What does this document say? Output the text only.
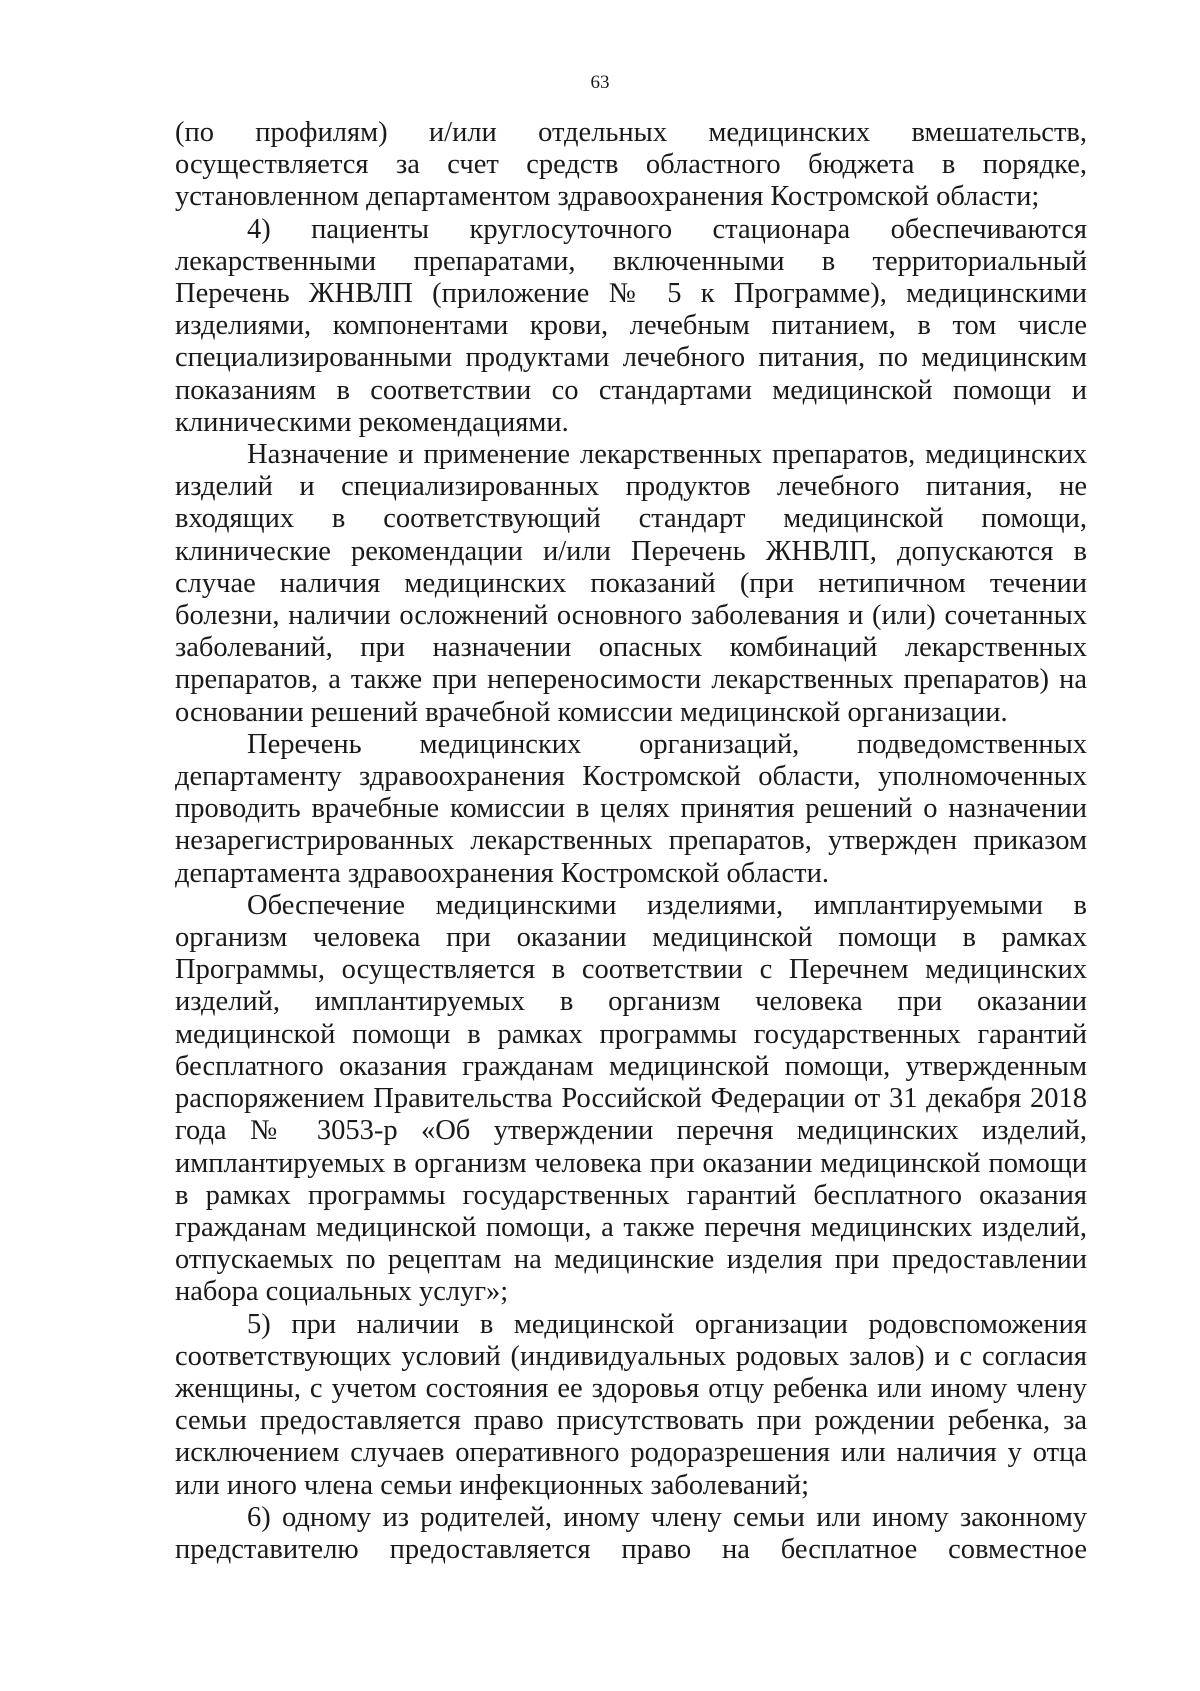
63

(по профилям) и/или отдельных медицинских вмешательств, осуществляется за счет средств областного бюджета в порядке, установленном департаментом здравоохранения Костромской области;

4) пациенты круглосуточного стационара обеспечиваются лекарственными препаратами, включенными в территориальный Перечень ЖНВЛП (приложение № 5 к Программе), медицинскими изделиями, компонентами крови, лечебным питанием, в том числе специализированными продуктами лечебного питания, по медицинским показаниям в соответствии со стандартами медицинской помощи и клиническими рекомендациями.

Назначение и применение лекарственных препаратов, медицинских изделий и специализированных продуктов лечебного питания, не входящих в соответствующий стандарт медицинской помощи, клинические рекомендации и/или Перечень ЖНВЛП, допускаются в случае наличия медицинских показаний (при нетипичном течении болезни, наличии осложнений основного заболевания и (или) сочетанных заболеваний, при назначении опасных комбинаций лекарственных препаратов, а также при непереносимости лекарственных препаратов) на основании решений врачебной комиссии медицинской организации.

Перечень медицинских организаций, подведомственных департаменту здравоохранения Костромской области, уполномоченных проводить врачебные комиссии в целях принятия решений о назначении незарегистрированных лекарственных препаратов, утвержден приказом департамента здравоохранения Костромской области.

Обеспечение медицинскими изделиями, имплантируемыми в организм человека при оказании медицинской помощи в рамках Программы, осуществляется в соответствии с Перечнем медицинских изделий, имплантируемых в организм человека при оказании медицинской помощи в рамках программы государственных гарантий бесплатного оказания гражданам медицинской помощи, утвержденным распоряжением Правительства Российской Федерации от 31 декабря 2018 года № 3053-р «Об утверждении перечня медицинских изделий, имплантируемых в организм человека при оказании медицинской помощи в рамках программы государственных гарантий бесплатного оказания гражданам медицинской помощи, а также перечня медицинских изделий, отпускаемых по рецептам на медицинские изделия при предоставлении набора социальных услуг»;

5) при наличии в медицинской организации родовспоможения соответствующих условий (индивидуальных родовых залов) и с согласия женщины, с учетом состояния ее здоровья отцу ребенка или иному члену семьи предоставляется право присутствовать при рождении ребенка, за исключением случаев оперативного родоразрешения или наличия у отца или иного члена семьи инфекционных заболеваний;

6) одному из родителей, иному члену семьи или иному законному представителю предоставляется право на бесплатное совместное
